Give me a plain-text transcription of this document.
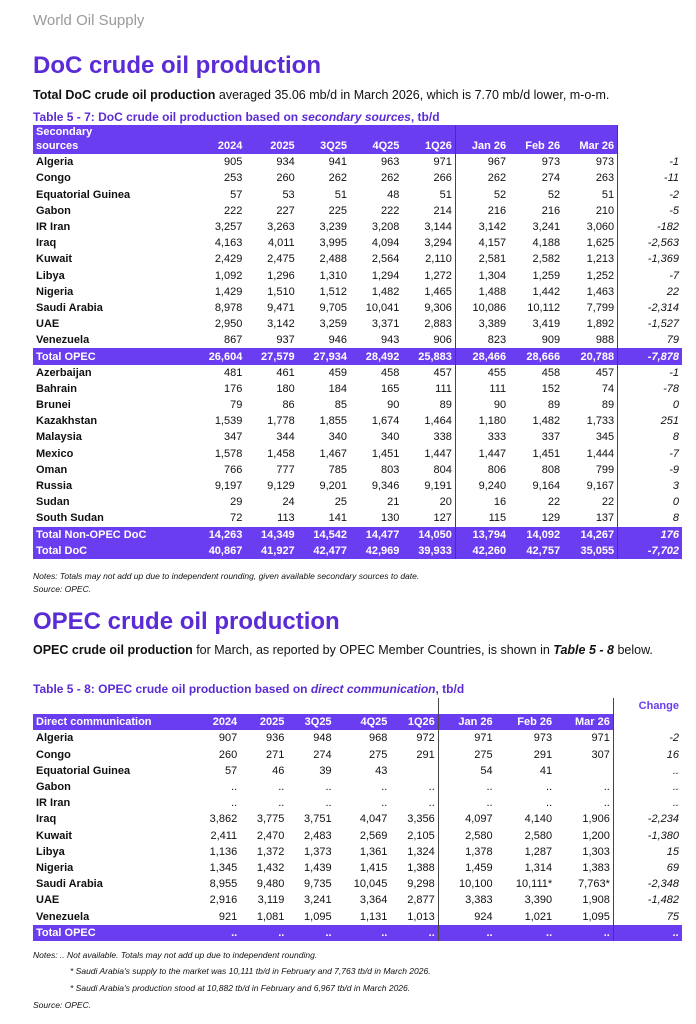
World Oil Supply
DoC crude oil production
Total DoC crude oil production averaged 35.06 mb/d in March 2026, which is 7.70 mb/d lower, m-o-m.
Table 5 - 7: DoC crude oil production based on secondary sources, tb/d
Secondary									Change
sources	2024	2025	3Q25	4Q25	1Q26	Jan 26	Feb 26	Mar 26	Mar/Feb
Algeria	905	934	941	963	971	967	973	973	-1
Congo	253	260	262	262	266	262	274	263	-11
Equatorial Guinea	57	53	51	48	51	52	52	51	-2
Gabon	222	227	225	222	214	216	216	210	-5
IR Iran	3,257	3,263	3,239	3,208	3,144	3,142	3,241	3,060	-182
Iraq	4,163	4,011	3,995	4,094	3,294	4,157	4,188	1,625	-2,563
Kuwait	2,429	2,475	2,488	2,564	2,110	2,581	2,582	1,213	-1,369
Libya	1,092	1,296	1,310	1,294	1,272	1,304	1,259	1,252	-7
Nigeria	1,429	1,510	1,512	1,482	1,465	1,488	1,442	1,463	22
Saudi Arabia	8,978	9,471	9,705	10,041	9,306	10,086	10,112	7,799	-2,314
UAE	2,950	3,142	3,259	3,371	2,883	3,389	3,419	1,892	-1,527
Venezuela	867	937	946	943	906	823	909	988	79
Total OPEC	26,604	27,579	27,934	28,492	25,883	28,466	28,666	20,788	-7,878
Azerbaijan	481	461	459	458	457	455	458	457	-1
Bahrain	176	180	184	165	111	111	152	74	-78
Brunei	79	86	85	90	89	90	89	89	0
Kazakhstan	1,539	1,778	1,855	1,674	1,464	1,180	1,482	1,733	251
Malaysia	347	344	340	340	338	333	337	345	8
Mexico	1,578	1,458	1,467	1,451	1,447	1,447	1,451	1,444	-7
Oman	766	777	785	803	804	806	808	799	-9
Russia	9,197	9,129	9,201	9,346	9,191	9,240	9,164	9,167	3
Sudan	29	24	25	21	20	16	22	22	0
South Sudan	72	113	141	130	127	115	129	137	8
Total Non-OPEC DoC	14,263	14,349	14,542	14,477	14,050	13,794	14,092	14,267	176
Total DoC	40,867	41,927	42,477	42,969	39,933	42,260	42,757	35,055	-7,702
Notes: Totals may not add up due to independent rounding, given available secondary sources to date.
Source: OPEC.
OPEC crude oil production
OPEC crude oil production for March, as reported by OPEC Member Countries, is shown in Table 5 - 8 below.
Table 5 - 8: OPEC crude oil production based on direct communication, tb/d
									Change
Direct communication	2024	2025	3Q25	4Q25	1Q26	Jan 26	Feb 26	Mar 26	Mar/Feb
Algeria	907	936	948	968	972	971	973	971	-2
Congo	260	271	274	275	291	275	291	307	16
Equatorial Guinea	57	46	39	43		54	41		..
Gabon	..	..	..	..	..	..	..	..	..
IR Iran	..	..	..	..	..	..	..	..	..
Iraq	3,862	3,775	3,751	4,047	3,356	4,097	4,140	1,906	-2,234
Kuwait	2,411	2,470	2,483	2,569	2,105	2,580	2,580	1,200	-1,380
Libya	1,136	1,372	1,373	1,361	1,324	1,378	1,287	1,303	15
Nigeria	1,345	1,432	1,439	1,415	1,388	1,459	1,314	1,383	69
Saudi Arabia	8,955	9,480	9,735	10,045	9,298	10,100	10,111*	7,763*	-2,348
UAE	2,916	3,119	3,241	3,364	2,877	3,383	3,390	1,908	-1,482
Venezuela	921	1,081	1,095	1,131	1,013	924	1,021	1,095	75
Total OPEC	..	..	..	..	..	..	..	..	..
Notes: .. Not available. Totals may not add up due to independent rounding.
* Saudi Arabia's supply to the market was 10,111 tb/d in February and 7,763 tb/d in March 2026.
* Saudi Arabia's production stood at 10,882 tb/d in February and 6,967 tb/d in March 2026.
Source: OPEC.
